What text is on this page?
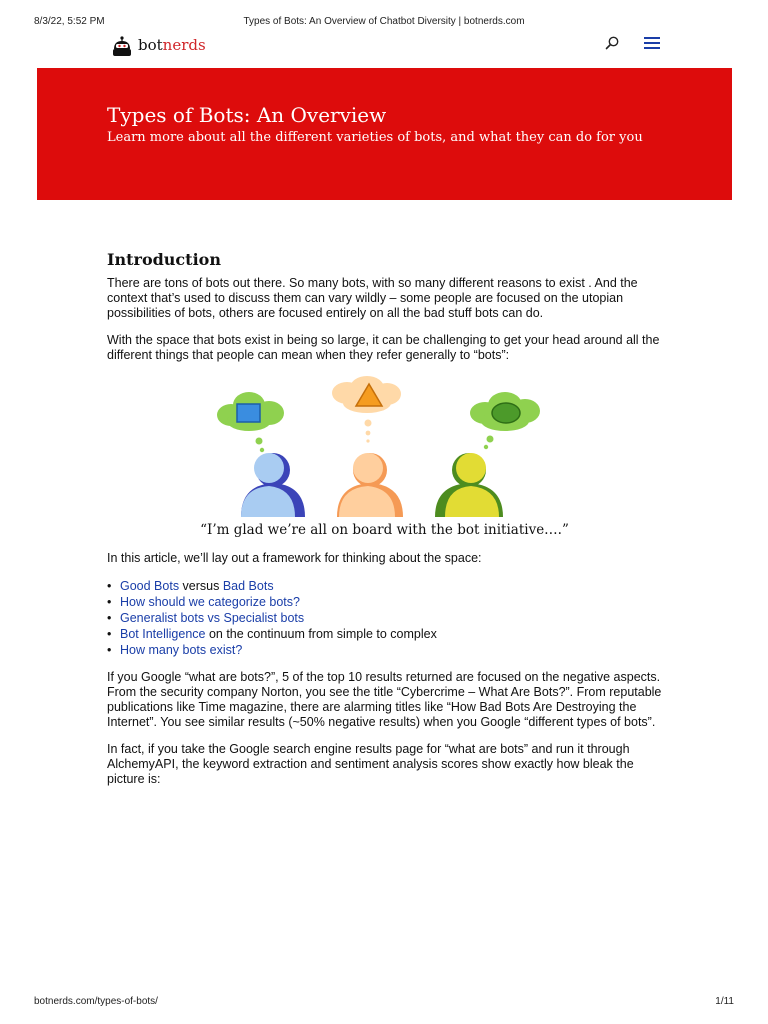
8/3/22, 5:52 PM	Types of Bots: An Overview of Chatbot Diversity | botnerds.com
botnerds
Types of Bots: An Overview

Learn more about all the different varieties of bots, and what they can do for you

Introduction

There are tons of bots out there. So many bots, with so many different reasons to exist . And the context that’s used to discuss them can vary wildly – some people are focused on the utopian possibilities of bots, others are focused entirely on all the bad stuff bots can do.

With the space that bots exist in being so large, it can be challenging to get your head around all the different things that people can mean when they refer generally to “bots”:

“I’m glad we’re all on board with the bot initiative….”

In this article, we’ll lay out a framework for thinking about the space:

• Good Bots versus Bad Bots
• How should we categorize bots?
• Generalist bots vs Specialist bots
• Bot Intelligence on the continuum from simple to complex
• How many bots exist?

If you Google “what are bots?”, 5 of the top 10 results returned are focused on the negative aspects. From the security company Norton, you see the title “Cybercrime – What Are Bots?”. From reputable publications like Time magazine, there are alarming titles like “How Bad Bots Are Destroying the Internet”. You see similar results (~50% negative results) when you Google “different types of bots”.

In fact, if you take the Google search engine results page for “what are bots” and run it through AlchemyAPI, the keyword extraction and sentiment analysis scores show exactly how bleak the picture is:

botnerds.com/types-of-bots/	1/11
